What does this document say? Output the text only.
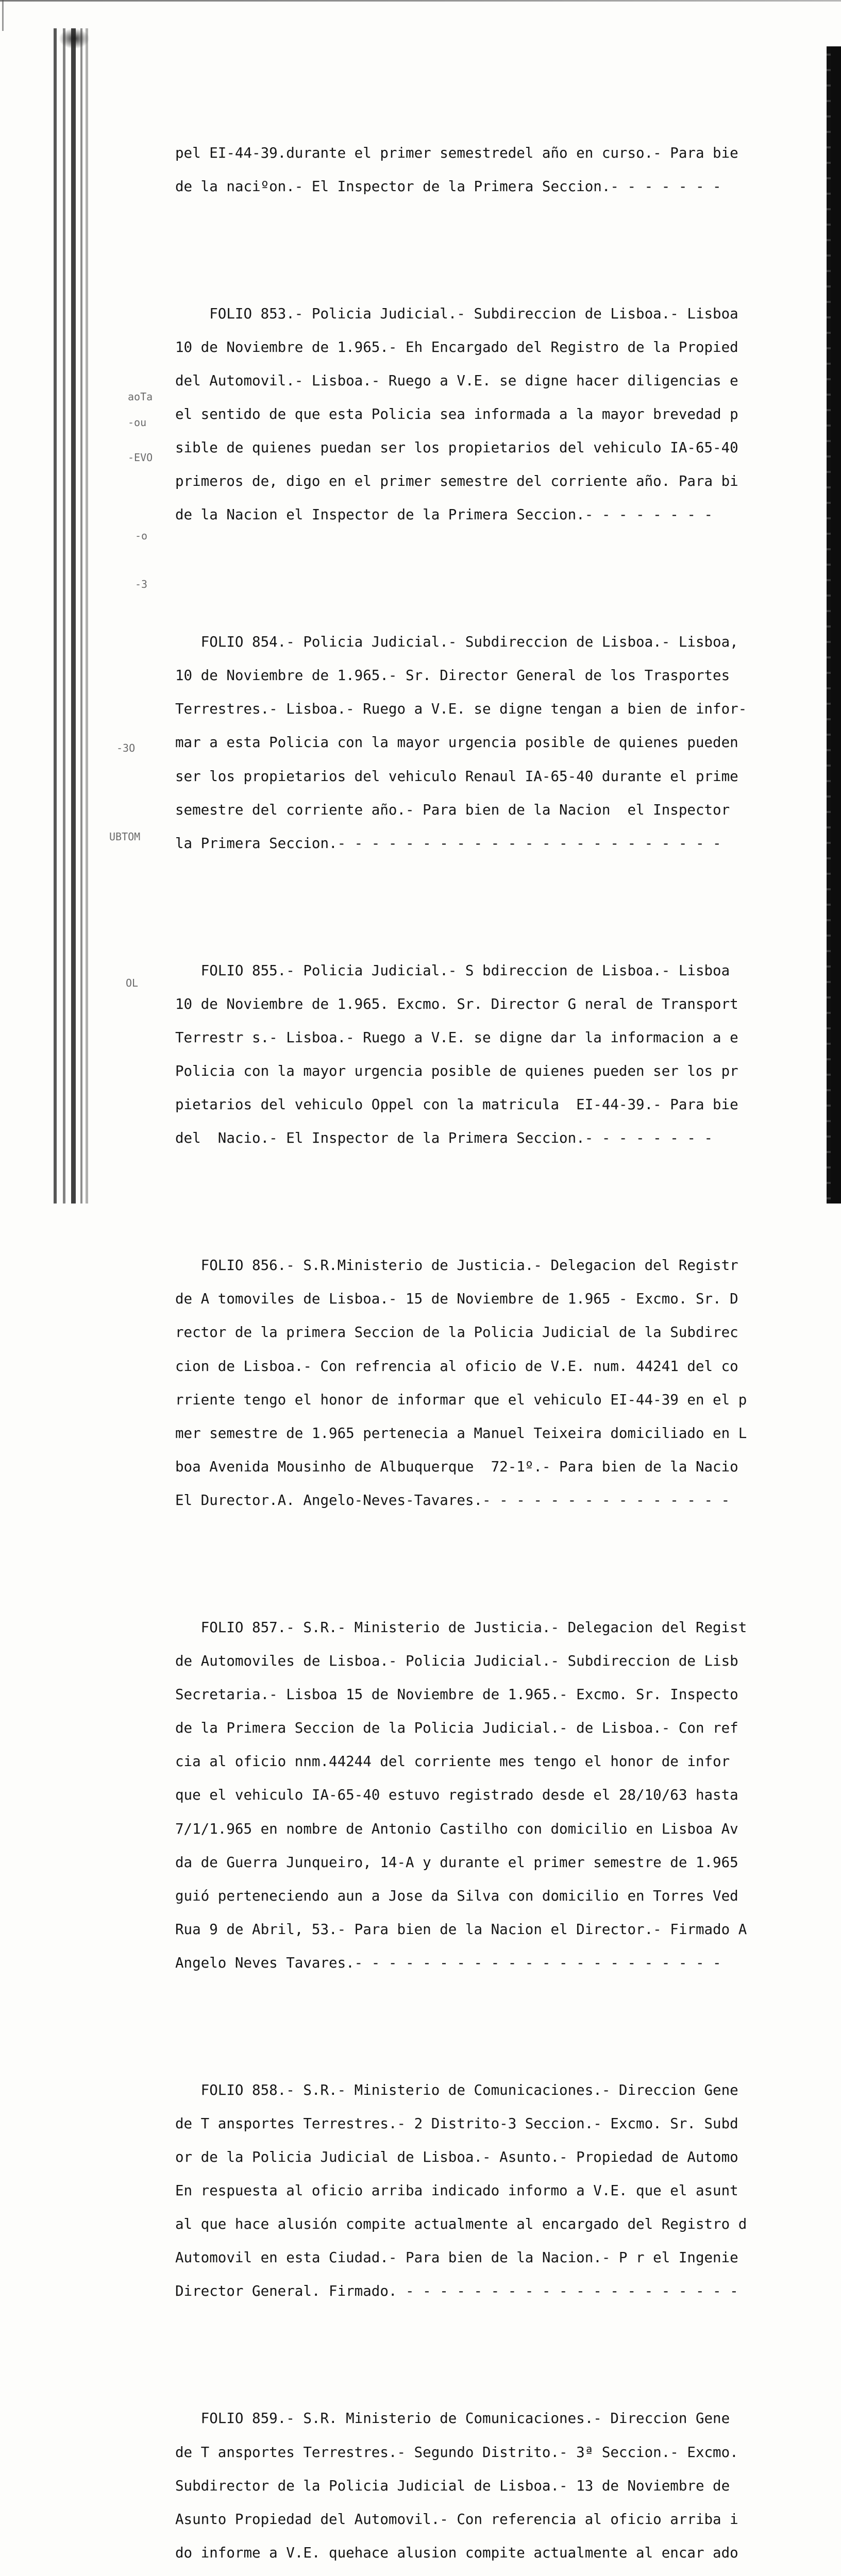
aoTa
-ou
-EVO
-o
-3
UBTOM
OL
-3O

pel EI-44-39.durante el primer semestredel año en curso.- Para bie

de la naciºon.- El Inspector de la Primera Seccion.- - - - - - -

FOLIO 853.- Policia Judicial.- Subdireccion de Lisboa.- Lisboa

10 de Noviembre de 1.965.- Eh Encargado del Registro de la Propied

del Automovil.- Lisboa.- Ruego a V.E. se digne hacer diligencias e

el sentido de que esta Policia sea informada a la mayor brevedad p

sible de quienes puedan ser los propietarios del vehiculo IA-65-40

primeros de, digo en el primer semestre del corriente año. Para bi

de la Nacion el Inspector de la Primera Seccion.- - - - - - - -

FOLIO 854.- Policia Judicial.- Subdireccion de Lisboa.- Lisboa,

10 de Noviembre de 1.965.- Sr. Director General de los Trasportes

Terrestres.- Lisboa.- Ruego a V.E. se digne tengan a bien de infor-

mar a esta Policia con la mayor urgencia posible de quienes pueden

ser los propietarios del vehiculo Renaul IA-65-40 durante el prime

semestre del corriente año.- Para bien de la Nacion  el Inspector

la Primera Seccion.- - - - - - - - - - - - - - - - - - - - - - -

FOLIO 855.- Policia Judicial.- S bdireccion de Lisboa.- Lisboa

10 de Noviembre de 1.965. Excmo. Sr. Director G neral de Transport

Terrestr s.- Lisboa.- Ruego a V.E. se digne dar la informacion a e

Policia con la mayor urgencia posible de quienes pueden ser los pr

pietarios del vehiculo Oppel con la matricula  EI-44-39.- Para bie

del  Nacio.- El Inspector de la Primera Seccion.- - - - - - - -

FOLIO 856.- S.R.Ministerio de Justicia.- Delegacion del Registr

de A tomoviles de Lisboa.- 15 de Noviembre de 1.965 - Excmo. Sr. D

rector de la primera Seccion de la Policia Judicial de la Subdirec

cion de Lisboa.- Con refrencia al oficio de V.E. num. 44241 del co

rriente tengo el honor de informar que el vehiculo EI-44-39 en el p

mer semestre de 1.965 pertenecia a Manuel Teixeira domiciliado en L

boa Avenida Mousinho de Albuquerque  72-1º.- Para bien de la Nacio

El Durector.A. Angelo-Neves-Tavares.- - - - - - - - - - - - - - -

FOLIO 857.- S.R.- Ministerio de Justicia.- Delegacion del Regist

de Automoviles de Lisboa.- Policia Judicial.- Subdireccion de Lisb

Secretaria.- Lisboa 15 de Noviembre de 1.965.- Excmo. Sr. Inspecto

de la Primera Seccion de la Policia Judicial.- de Lisboa.- Con ref

cia al oficio nnm.44244 del corriente mes tengo el honor de infor

que el vehiculo IA-65-40 estuvo registrado desde el 28/10/63 hasta

7/1/1.965 en nombre de Antonio Castilho con domicilio en Lisboa Av

da de Guerra Junqueiro, 14-A y durante el primer semestre de 1.965

guió perteneciendo aun a Jose da Silva con domicilio en Torres Ved

Rua 9 de Abril, 53.- Para bien de la Nacion el Director.- Firmado A

Angelo Neves Tavares.- - - - - - - - - - - - - - - - - - - - - -

FOLIO 858.- S.R.- Ministerio de Comunicaciones.- Direccion Gene

de T ansportes Terrestres.- 2 Distrito-3 Seccion.- Excmo. Sr. Subd

or de la Policia Judicial de Lisboa.- Asunto.- Propiedad de Automo

En respuesta al oficio arriba indicado informo a V.E. que el asunt

al que hace alusión compite actualmente al encargado del Registro d

Automovil en esta Ciudad.- Para bien de la Nacion.- P r el Ingenie

Director General. Firmado. - - - - - - - - - - - - - - - - - - - -

FOLIO 859.- S.R. Ministerio de Comunicaciones.- Direccion Gene

de T ansportes Terrestres.- Segundo Distrito.- 3ª Seccion.- Excmo.

Subdirector de la Policia Judicial de Lisboa.- 13 de Noviembre de

Asunto Propiedad del Automovil.- Con referencia al oficio arriba i

do informe a V.E. quehace alusion compite actualmente al encar ado
